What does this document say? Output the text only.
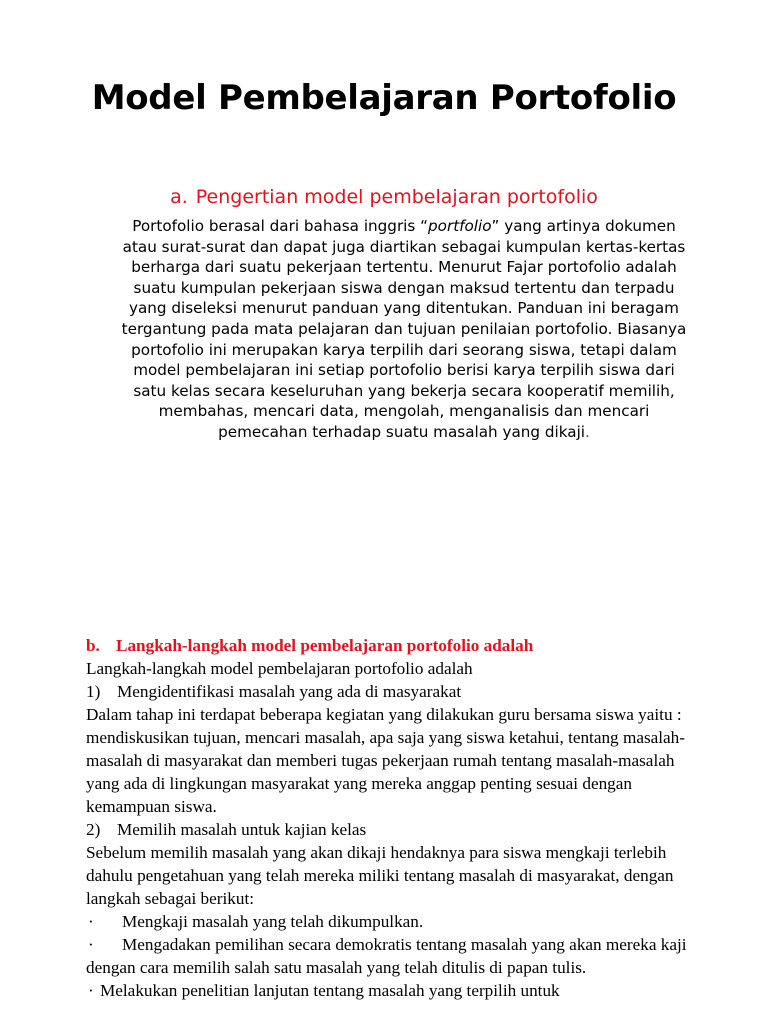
Model Pembelajaran Portofolio
a. Pengertian model pembelajaran portofolio
Portofolio berasal dari bahasa inggris “portfolio” yang artinya dokumen atau surat-surat dan dapat juga diartikan sebagai kumpulan kertas-kertas berharga dari suatu pekerjaan tertentu. Menurut Fajar portofolio adalah suatu kumpulan pekerjaan siswa dengan maksud tertentu dan terpadu yang diseleksi menurut panduan yang ditentukan. Panduan ini beragam tergantung pada mata pelajaran dan tujuan penilaian portofolio. Biasanya portofolio ini merupakan karya terpilih dari seorang siswa, tetapi dalam model pembelajaran ini setiap portofolio berisi karya terpilih siswa dari satu kelas secara keseluruhan yang bekerja secara kooperatif memilih, membahas, mencari data, mengolah, menganalisis dan mencari pemecahan terhadap suatu masalah yang dikaji.

b. Langkah-langkah model pembelajaran portofolio adalah

Langkah-langkah model pembelajaran portofolio adalah

1) Mengidentifikasi masalah yang ada di masyarakat

Dalam tahap ini terdapat beberapa kegiatan yang dilakukan guru bersama siswa yaitu : mendiskusikan tujuan, mencari masalah, apa saja yang siswa ketahui, tentang masalah-masalah di masyarakat dan memberi tugas pekerjaan rumah tentang masalah-masalah yang ada di lingkungan masyarakat yang mereka anggap penting sesuai dengan kemampuan siswa.

2) Memilih masalah untuk kajian kelas

Sebelum memilih masalah yang akan dikaji hendaknya para siswa mengkaji terlebih dahulu pengetahuan yang telah mereka miliki tentang masalah di masyarakat, dengan langkah sebagai berikut:

· Mengkaji masalah yang telah dikumpulkan.

· Mengadakan pemilihan secara demokratis tentang masalah yang akan mereka kaji dengan cara memilih salah satu masalah yang telah ditulis di papan tulis.

· Melakukan penelitian lanjutan tentang masalah yang terpilih untuk
